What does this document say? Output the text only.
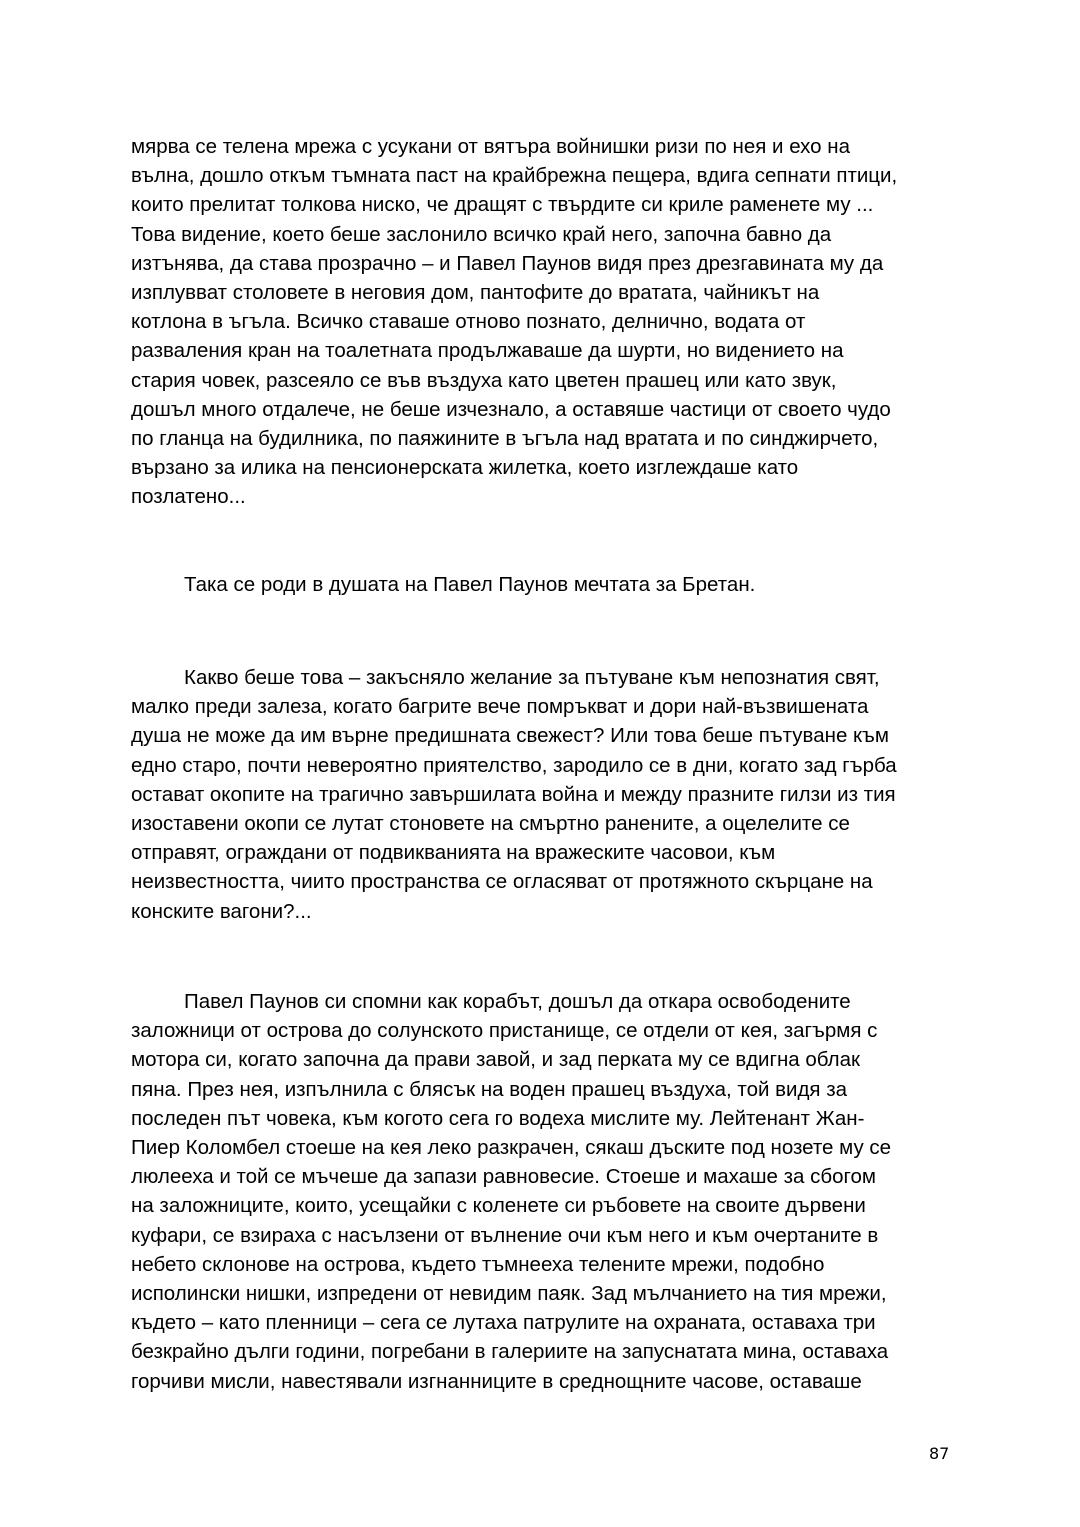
мярва се телена мрежа с усукани от вятъра войнишки ризи по нея и ехо на
вълна, дошло откъм тъмната паст на крайбрежна пещера, вдига сепнати птици,
които прелитат толкова ниско, че дращят с твърдите си криле раменете му ...
Това видение, което беше заслонило всичко край него, започна бавно да
изтънява, да става прозрачно – и Павел Паунов видя през дрезгавината му да
изплувват столовете в неговия дом, пантофите до вратата, чайникът на
котлона в ъгъла. Всичко ставаше отново познато, делнично, водата от
разваления кран на тоалетната продължаваше да шурти, но видението на
стария човек, разсеяло се във въздуха като цветен прашец или като звук,
дошъл много отдалече, не беше изчезнало, а оставяше частици от своето чудо
по гланца на будилника, по паяжините в ъгъла над вратата и по синджирчето,
вързано за илика на пенсионерската жилетка, което изглеждаше като
позлатено...
Така се роди в душата на Павел Паунов мечтата за Бретан.
Какво беше това – закъсняло желание за пътуване към непознатия свят,
малко преди залеза, когато багрите вече помръкват и дори най-възвишената
душа не може да им върне предишната свежест? Или това беше пътуване към
едно старо, почти невероятно приятелство, зародило се в дни, когато зад гърба
остават окопите на трагично завършилата война и между празните гилзи из тия
изоставени окопи се лутат стоновете на смъртно ранените, а оцелелите се
отправят, ограждани от подвикванията на вражеските часовои, към
неизвестността, чиито пространства се огласяват от протяжното скърцане на
конските вагони?...
Павел Паунов си спомни как корабът, дошъл да откара освободените
заложници от острова до солунското пристанище, се отдели от кея, загърмя с
мотора си, когато започна да прави завой, и зад перката му се вдигна облак
пяна. През нея, изпълнила с блясък на воден прашец въздуха, той видя за
последен път човека, към когото сега го водеха мислите му. Лейтенант Жан-
Пиер Коломбел стоеше на кея леко разкрачен, сякаш дъските под нозете му се
люлееха и той се мъчеше да запази равновесие. Стоеше и махаше за сбогом
на заложниците, които, усещайки с коленете си ръбовете на своите дървени
куфари, се взираха с насълзени от вълнение очи към него и към очертаните в
небето склонове на острова, където тъмнееха телените мрежи, подобно
исполински нишки, изпредени от невидим паяк. Зад мълчанието на тия мрежи,
където – като пленници – сега се лутаха патрулите на охраната, оставаха три
безкрайно дълги години, погребани в галериите на запуснатата мина, оставаха
горчиви мисли, навестявали изгнанниците в среднощните часове, оставаше
87
